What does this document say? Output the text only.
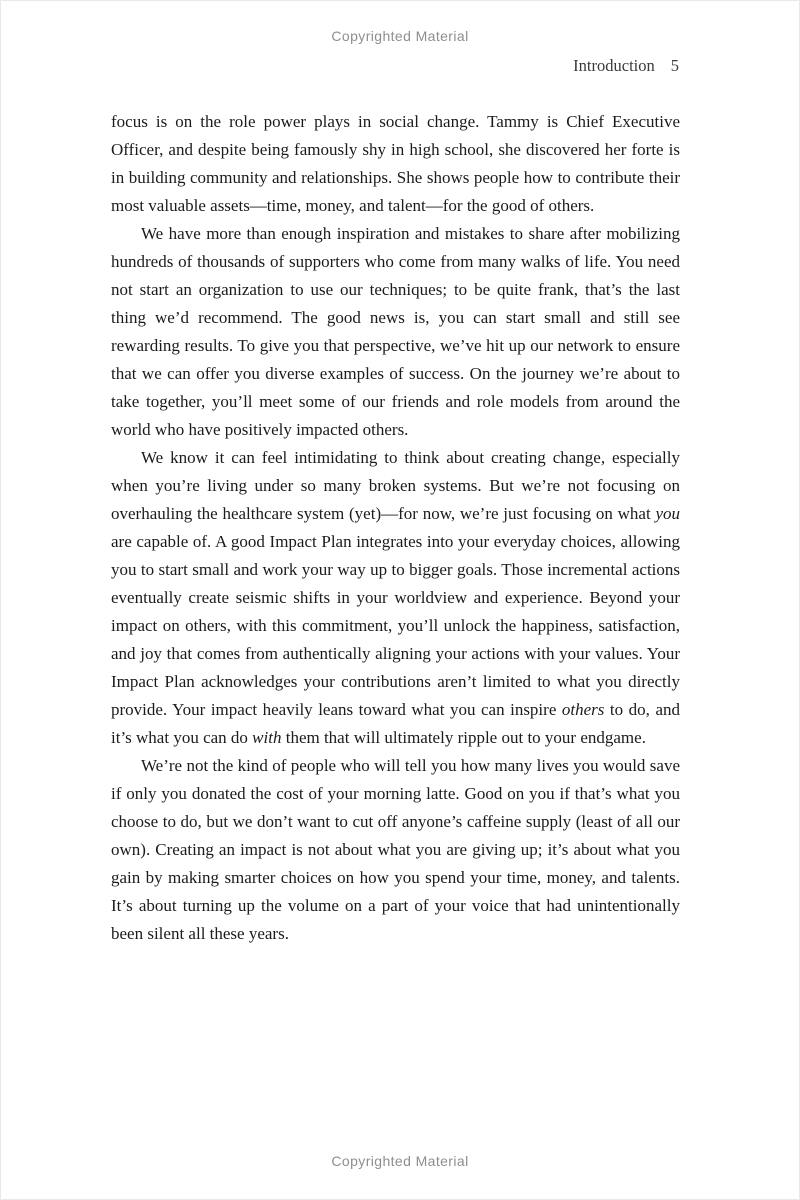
Copyrighted Material
Introduction 5

focus is on the role power plays in social change. Tammy is Chief Executive Officer, and despite being famously shy in high school, she discovered her forte is in building community and relationships. She shows people how to contribute their most valuable assets—time, money, and talent—for the good of others.

We have more than enough inspiration and mistakes to share after mobilizing hundreds of thousands of supporters who come from many walks of life. You need not start an organization to use our techniques; to be quite frank, that’s the last thing we’d recommend. The good news is, you can start small and still see rewarding results. To give you that perspective, we’ve hit up our network to ensure that we can offer you diverse examples of success. On the journey we’re about to take together, you’ll meet some of our friends and role models from around the world who have positively impacted others.

We know it can feel intimidating to think about creating change, especially when you’re living under so many broken systems. But we’re not focusing on overhauling the healthcare system (yet)—for now, we’re just focusing on what you are capable of. A good Impact Plan integrates into your everyday choices, allowing you to start small and work your way up to bigger goals. Those incremental actions eventually create seismic shifts in your worldview and experience. Beyond your impact on others, with this commitment, you’ll unlock the happiness, satisfaction, and joy that comes from authentically aligning your actions with your values. Your Impact Plan acknowledges your contributions aren’t limited to what you directly provide. Your impact heavily leans toward what you can inspire others to do, and it’s what you can do with them that will ultimately ripple out to your endgame.

We’re not the kind of people who will tell you how many lives you would save if only you donated the cost of your morning latte. Good on you if that’s what you choose to do, but we don’t want to cut off anyone’s caffeine supply (least of all our own). Creating an impact is not about what you are giving up; it’s about what you gain by making smarter choices on how you spend your time, money, and talents. It’s about turning up the volume on a part of your voice that had unintentionally been silent all these years.

Copyrighted Material
